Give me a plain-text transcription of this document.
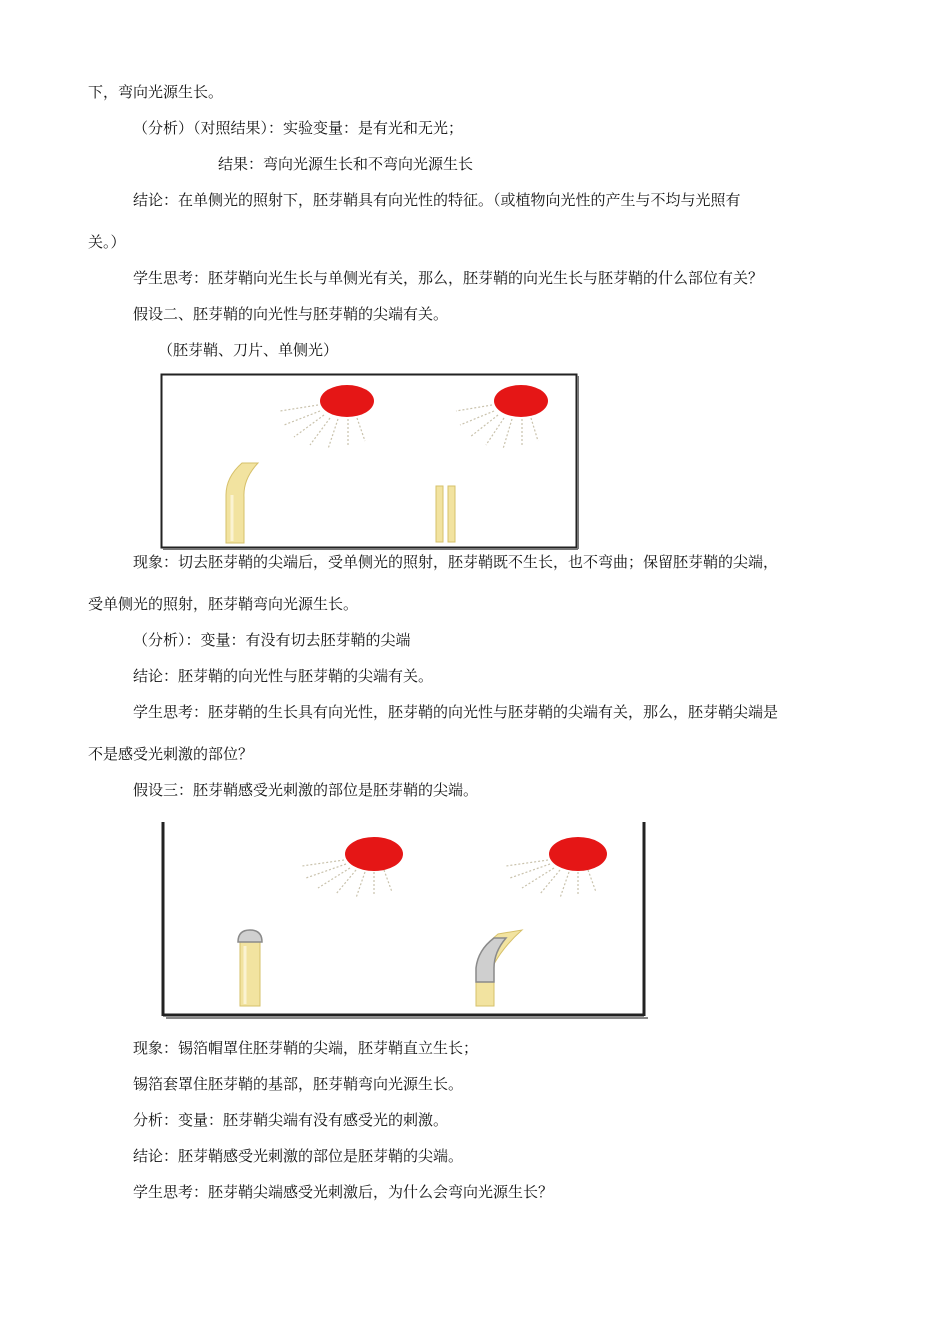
下，弯向光源生长。
（分析）（对照结果）：实验变量：是有光和无光；
结果：弯向光源生长和不弯向光源生长
结论：在单侧光的照射下，胚芽鞘具有向光性的特征。（或植物向光性的产生与不均与光照有
关。）
学生思考：胚芽鞘向光生长与单侧光有关，那么，胚芽鞘的向光生长与胚芽鞘的什么部位有关？
假设二、胚芽鞘的向光性与胚芽鞘的尖端有关。
（胚芽鞘、刀片、单侧光）
现象：切去胚芽鞘的尖端后，受单侧光的照射，胚芽鞘既不生长，也不弯曲；保留胚芽鞘的尖端，
受单侧光的照射，胚芽鞘弯向光源生长。
（分析）：变量：有没有切去胚芽鞘的尖端
结论：胚芽鞘的向光性与胚芽鞘的尖端有关。
学生思考：胚芽鞘的生长具有向光性，胚芽鞘的向光性与胚芽鞘的尖端有关，那么，胚芽鞘尖端是
不是感受光刺激的部位？
假设三：胚芽鞘感受光刺激的部位是胚芽鞘的尖端。
现象：锡箔帽罩住胚芽鞘的尖端，胚芽鞘直立生长；
锡箔套罩住胚芽鞘的基部，胚芽鞘弯向光源生长。
分析：变量：胚芽鞘尖端有没有感受光的刺激。
结论：胚芽鞘感受光刺激的部位是胚芽鞘的尖端。
学生思考：胚芽鞘尖端感受光刺激后，为什么会弯向光源生长？
